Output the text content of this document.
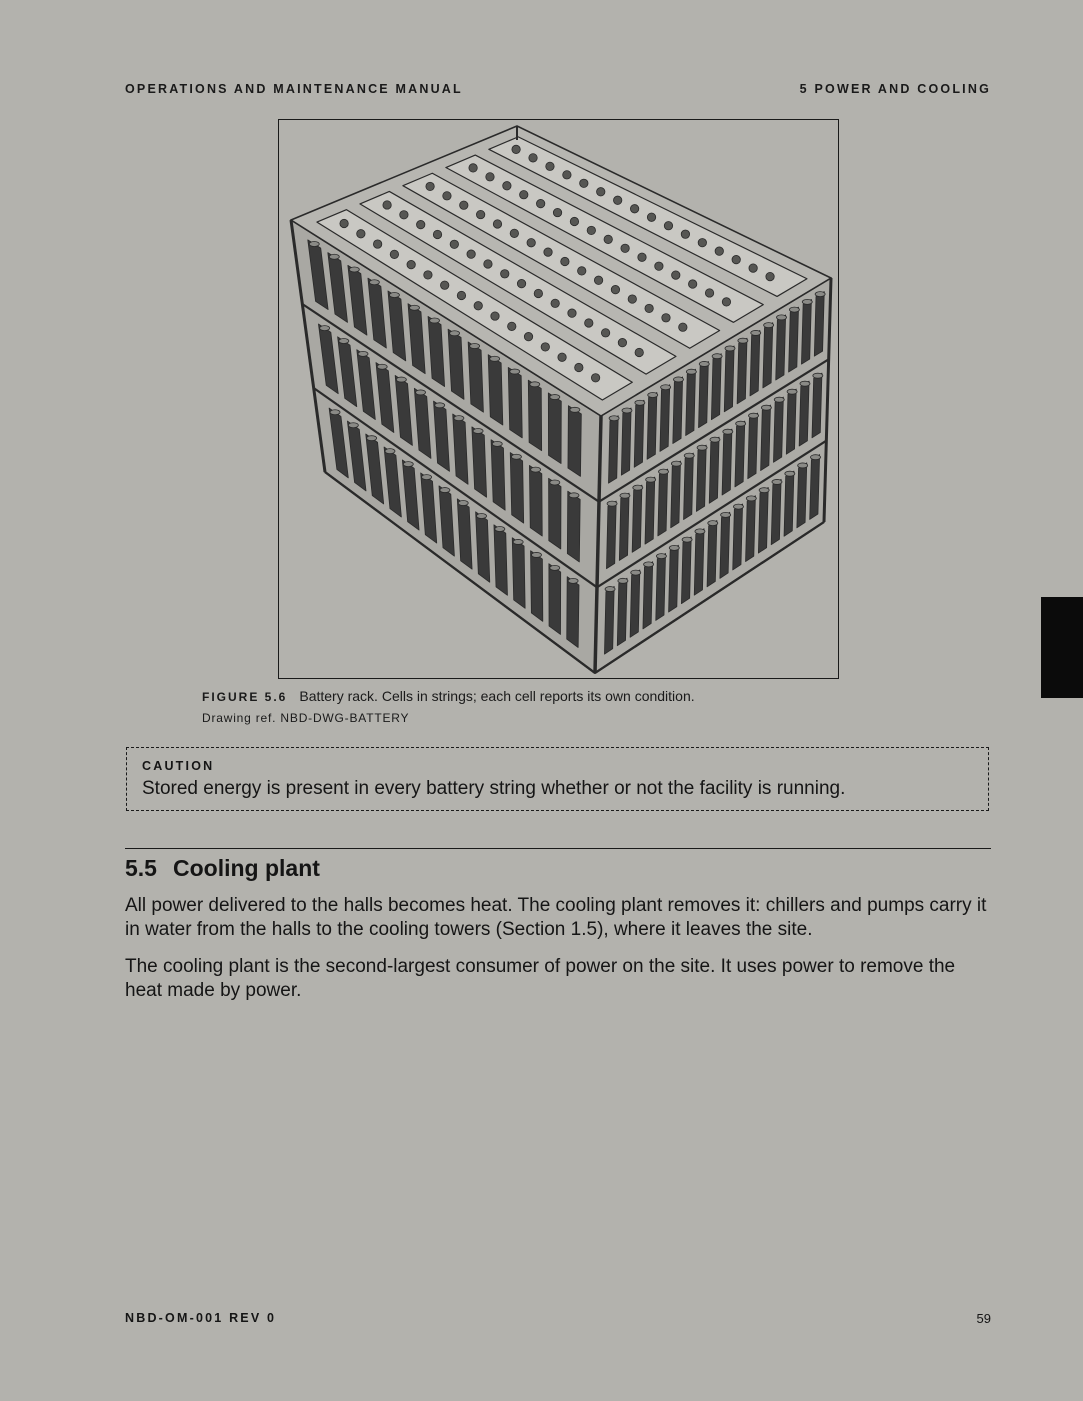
OPERATIONS AND MAINTENANCE MANUAL	5 POWER AND COOLING
FIGURE 5.6 Battery rack. Cells in strings; each cell reports its own condition.
Drawing ref. NBD-DWG-BATTERY
CAUTION
Stored energy is present in every battery string whether or not the facility is running.
5.5 Cooling plant

All power delivered to the halls becomes heat. The cooling plant removes it: chillers and pumps carry it in water from the halls to the cooling towers (Section 1.5), where it leaves the site.

The cooling plant is the second-largest consumer of power on the site. It uses power to remove the heat made by power.

NBD-OM-001 REV 0	59
